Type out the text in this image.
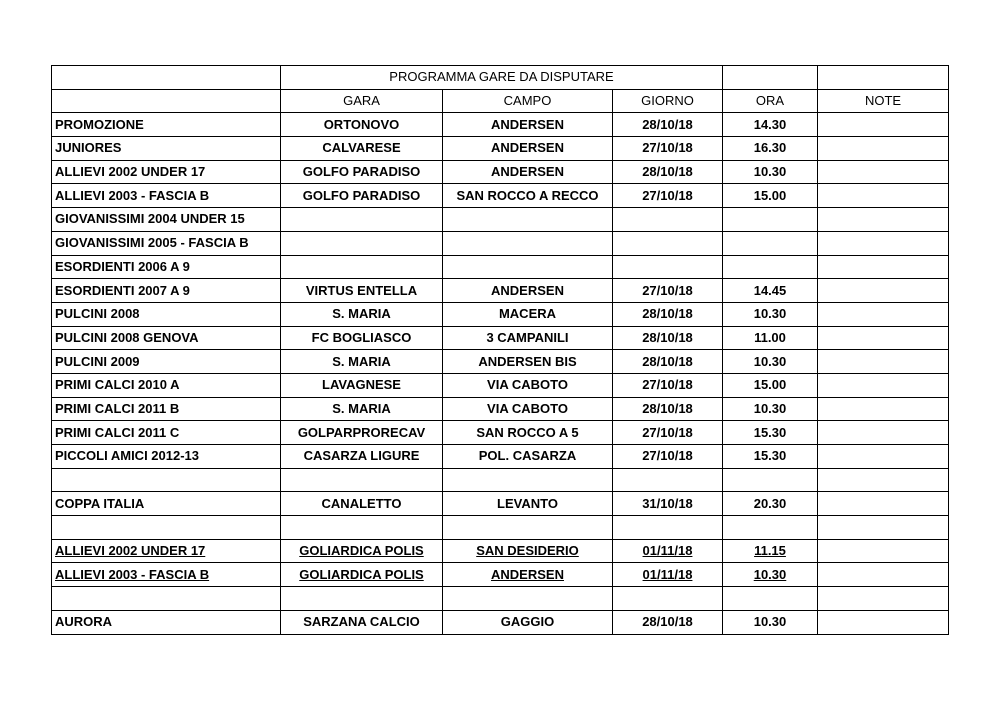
	PROGRAMMA GARE DA DISPUTARE				
	GARA	CAMPO	GIORNO	ORA	NOTE
PROMOZIONE	ORTONOVO	ANDERSEN	28/10/18	14.30	
JUNIORES	CALVARESE	ANDERSEN	27/10/18	16.30	
ALLIEVI 2002 UNDER 17	GOLFO PARADISO	ANDERSEN	28/10/18	10.30	
ALLIEVI 2003 - FASCIA B	GOLFO PARADISO	SAN ROCCO A RECCO	27/10/18	15.00	
GIOVANISSIMI 2004 UNDER 15					
GIOVANISSIMI 2005 - FASCIA B					
ESORDIENTI 2006 A 9					
ESORDIENTI 2007 A 9	VIRTUS ENTELLA	ANDERSEN	27/10/18	14.45	
PULCINI 2008	S. MARIA	MACERA	28/10/18	10.30	
PULCINI 2008 GENOVA	FC BOGLIASCO	3 CAMPANILI	28/10/18	11.00	
PULCINI 2009	S. MARIA	ANDERSEN BIS	28/10/18	10.30	
PRIMI CALCI 2010 A	LAVAGNESE	VIA CABOTO	27/10/18	15.00	
PRIMI CALCI 2011 B	S. MARIA	VIA CABOTO	28/10/18	10.30	
PRIMI CALCI 2011 C	GOLPARPRORECAV	SAN ROCCO A 5	27/10/18	15.30	
PICCOLI AMICI 2012-13	CASARZA LIGURE	POL. CASARZA	27/10/18	15.30	

COPPA ITALIA	CANALETTO	LEVANTO	31/10/18	20.30	

ALLIEVI 2002 UNDER 17	GOLIARDICA POLIS	SAN DESIDERIO	01/11/18	11.15	
ALLIEVI 2003 - FASCIA B	GOLIARDICA POLIS	ANDERSEN	01/11/18	10.30	

AURORA	SARZANA CALCIO	GAGGIO	28/10/18	10.30	
